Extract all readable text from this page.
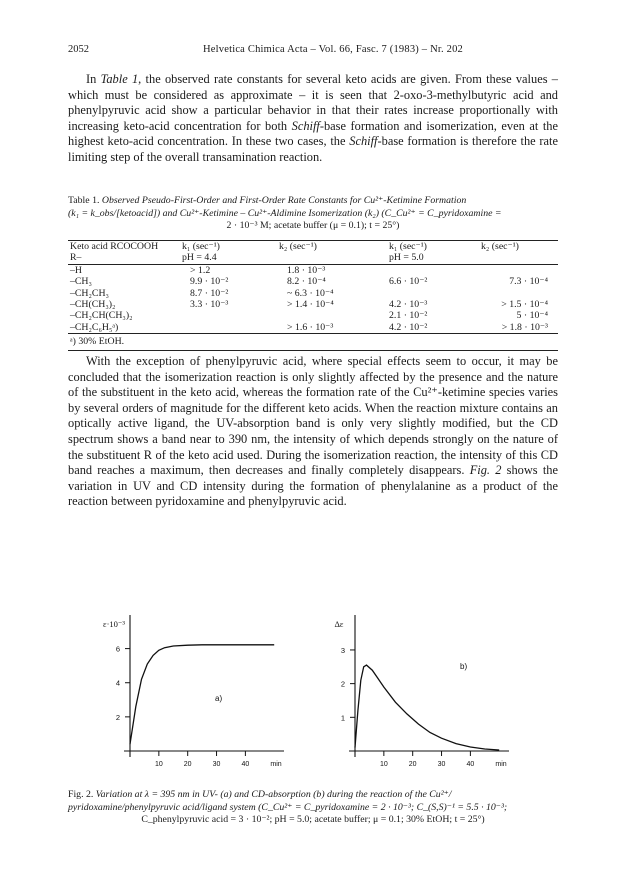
2052	Helvetica Chimica Acta – Vol. 66, Fasc. 7 (1983) – Nr. 202

In Table 1, the observed rate constants for several keto acids are given. From these values – which must be considered as approximate – it is seen that 2-oxo-3-methylbutyric acid and phenylpyruvic acid show a particular behavior in that their rates increase proportionally with increasing keto-acid concentration for both Schiff-base formation and isomerization, even at the highest keto-acid concentration. In these two cases, the Schiff-base formation is therefore the rate limiting step of the overall transamination reaction.

Table 1. Observed Pseudo-First-Order and First-Order Rate Constants for Cu²⁺-Ketimine Formation
(k₁ = k_obs/[ketoacid]) and Cu²⁺-Ketimine – Cu²⁺-Aldimine Isomerization (k₂) (C_Cu²⁺ = C_pyridoxamine =
2 · 10⁻³ M; acetate buffer (μ = 0.1); t = 25°)
Keto acid RCOCOOH	k₁ (sec⁻¹)	k₂ (sec⁻¹)	k₁ (sec⁻¹)	k₂ (sec⁻¹)
R–	pH = 4.4		pH = 5.0	
–H	> 1.2	1.8 · 10⁻³		
–CH₃	9.9 · 10⁻²	8.2 · 10⁻⁴	6.6 · 10⁻²	7.3 · 10⁻⁴
–CH₂CH₃	8.7 · 10⁻²	~ 6.3 · 10⁻⁴		
–CH(CH₃)₂	3.3 · 10⁻³	> 1.4 · 10⁻⁴	4.2 · 10⁻³	> 1.5 · 10⁻⁴
–CH₂CH(CH₃)₂			2.1 · 10⁻²	5 · 10⁻⁴
–CH₂C₆H₅ᵃ)		> 1.6 · 10⁻³	4.2 · 10⁻²	> 1.8 · 10⁻³
ᵃ) 30% EtOH.				

With the exception of phenylpyruvic acid, where special effects seem to occur, it may be concluded that the isomerization reaction is only slightly affected by the presence and the nature of the substituent in the keto acid, whereas the formation rate of the Cu²⁺-ketimine species varies by several orders of magnitude for the different keto acids. When the reaction mixture contains an optically active ligand, the UV-absorption band is only very slightly modified, but the CD spectrum shows a band near to 390 nm, the intensity of which depends strongly on the nature of the substituent R of the keto acid used. During the isomerization reaction, the intensity of this CD band reaches a maximum, then decreases and finally completely disappears. Fig. 2 shows the variation in UV and CD intensity during the formation of phenylalanine as a product of the reaction between pyridoxamine and phenylpyruvic acid.

10	20	30	40	min
2
4
6
ε·10⁻³
a)
10	20	30	40	min
1
2
3
Δε
b)
Fig. 2. Variation at λ = 395 nm in UV- (a) and CD-absorption (b) during the reaction of the Cu²⁺/
pyridoxamine/phenylpyruvic acid/ligand system (C_Cu²⁺ = C_pyridoxamine = 2 · 10⁻³; C_(S,S)⁻¹ = 5.5 · 10⁻³;
C_phenylpyruvic acid = 3 · 10⁻²; pH = 5.0; acetate buffer; μ = 0.1; 30% EtOH; t = 25°)
